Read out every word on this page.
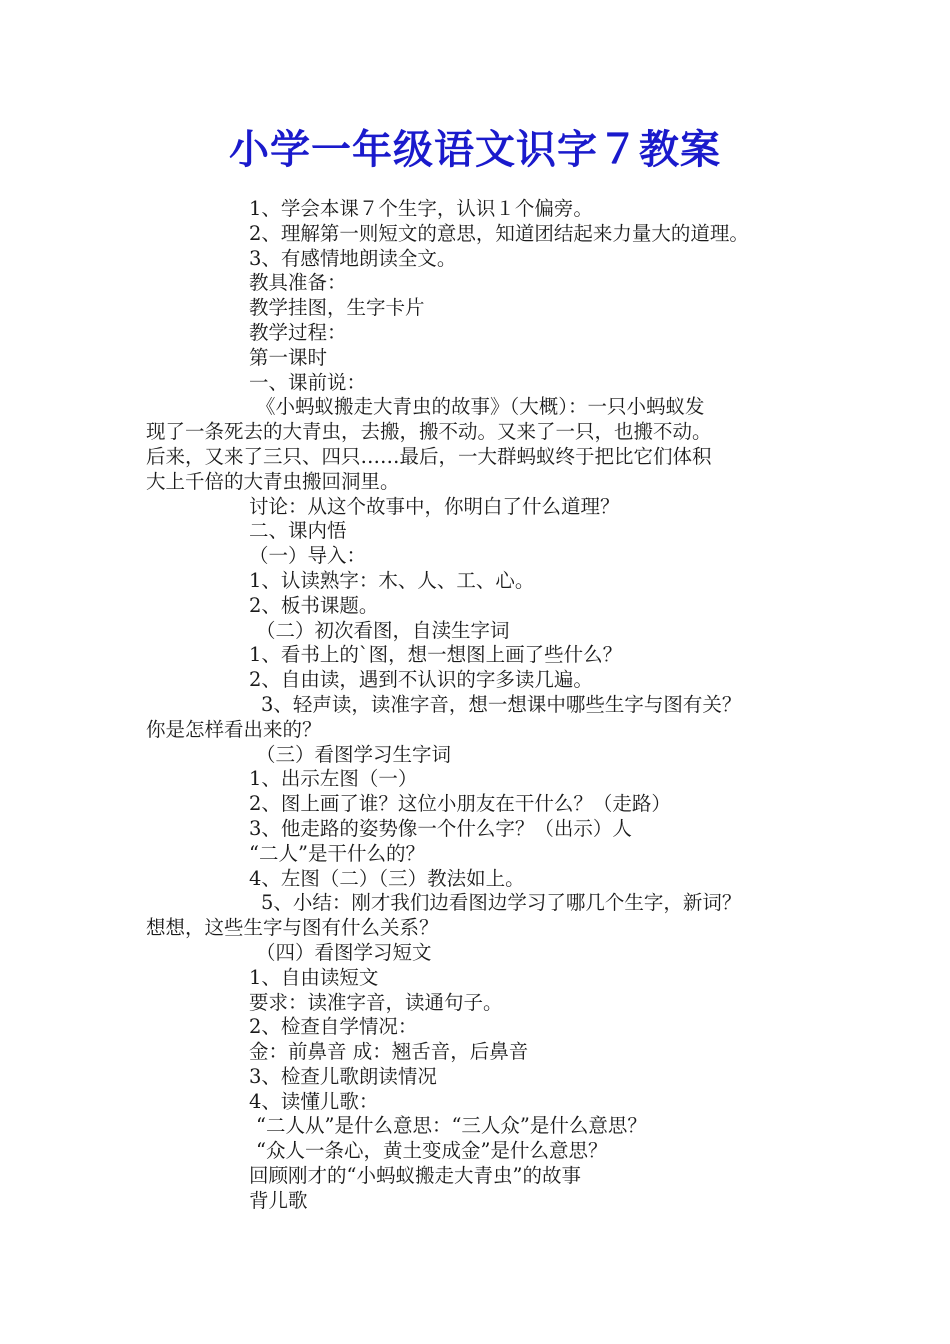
小学一年级语文识字７教案
1、学会本课７个生字，认识１个偏旁。
2、理解第一则短文的意思，知道团结起来力量大的道理。
3、有感情地朗读全文。
教具准备：
教学挂图，生字卡片
教学过程：
第一课时
一、课前说：
《小蚂蚁搬走大青虫的故事》（大概）：一只小蚂蚁发
现了一条死去的大青虫，去搬，搬不动。又来了一只，也搬不动。
后来，又来了三只、四只……最后，一大群蚂蚁终于把比它们体积
大上千倍的大青虫搬回洞里。
讨论：从这个故事中，你明白了什么道理？
二、课内悟
（一）导入：
1、认读熟字：木、人、工、心。
2、板书课题。
（二）初次看图，自渎生字词
1、看书上的`图，想一想图上画了些什么？
2、自由读，遇到不认识的字多读几遍。
3、轻声读，读准字音，想一想课中哪些生字与图有关？
你是怎样看出来的？
（三）看图学习生字词
1、出示左图（一）
2、图上画了谁？这位小朋友在干什么？（走路）
3、他走路的姿势像一个什么字？（出示）人
“二人”是干什么的？
4、左图（二）（三）教法如上。
5、小结：刚才我们边看图边学习了哪几个生字，新词？
想想，这些生字与图有什么关系？
（四）看图学习短文
1、自由读短文
要求：读准字音，读通句子。
2、检查自学情况：
金：前鼻音 成：翘舌音，后鼻音
3、检查儿歌朗读情况
4、读懂儿歌：
“二人从”是什么意思：“三人众”是什么意思？
“众人一条心，黄土变成金”是什么意思？
回顾刚才的“小蚂蚁搬走大青虫”的故事
背儿歌
